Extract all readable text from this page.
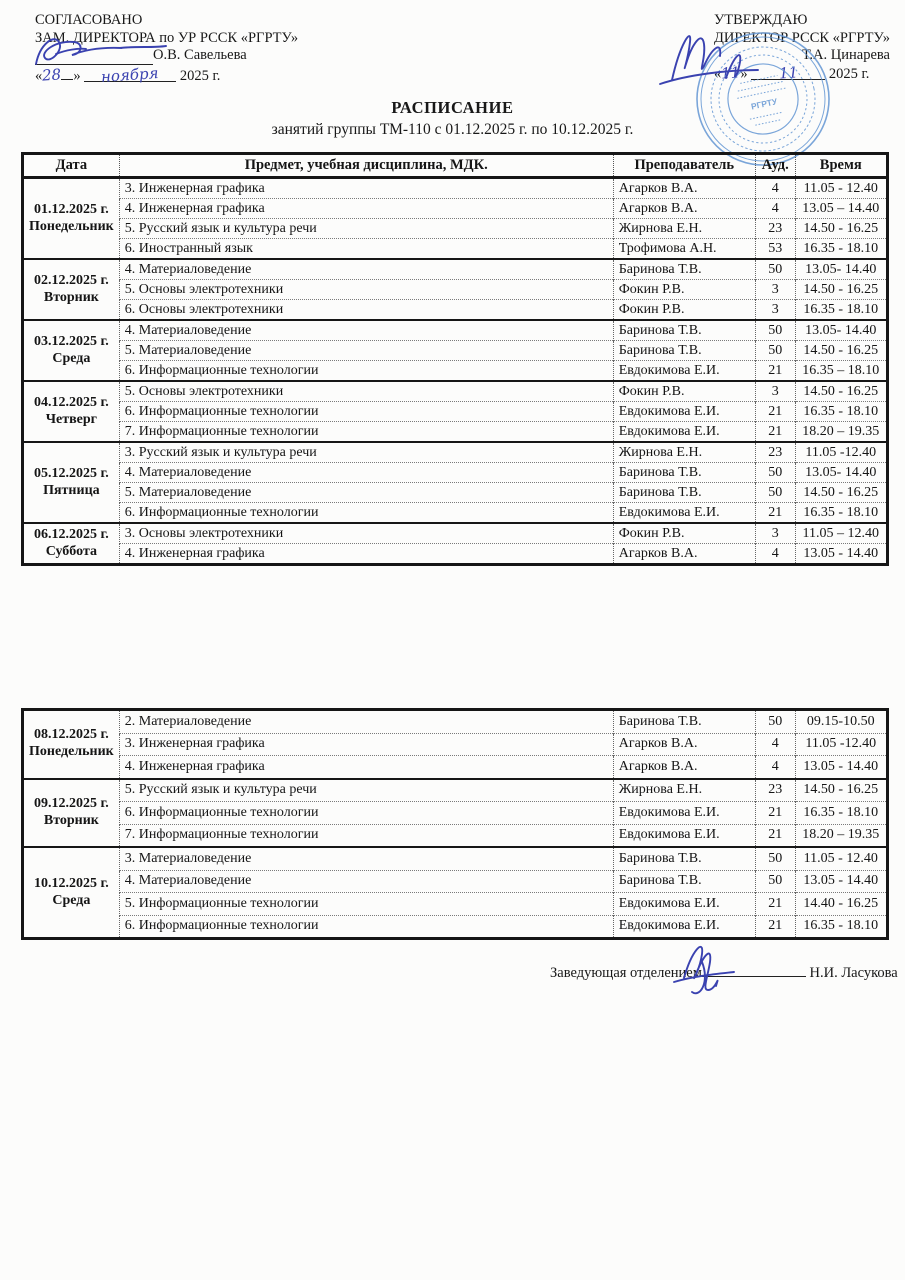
СОГЛАСОВАНО
ЗАМ. ДИРЕКТОРА по УР РССК «РГРТУ»
О.В. Савельева
«28 » ноября 2025 г.
УТВЕРЖДАЮ
ДИРЕКТОР РССК «РГРТУ»
Т.А. Цинарева
«11» 11 2025 г.
РГРТУ
РАСПИСАНИЕ
занятий группы ТМ-110 с 01.12.2025 г. по 10.12.2025 г.
Дата	Предмет, учебная дисциплина, МДК.	Преподаватель	Ауд.	Время

01.12.2025 г.
Понедельник	3. Инженерная графика	Агарков В.А.	4	11.05 - 12.40
	4. Инженерная графика	Агарков В.А.	4	13.05 – 14.40
	5. Русский язык и культура речи	Жирнова Е.Н.	23	14.50 - 16.25
	6. Иностранный язык	Трофимова А.Н.	53	16.35 - 18.10

02.12.2025 г.
Вторник	4. Материаловедение	Баринова Т.В.	50	13.05- 14.40
	5. Основы электротехники	Фокин Р.В.	3	14.50 - 16.25
	6. Основы электротехники	Фокин Р.В.	3	16.35 - 18.10

03.12.2025 г.
Среда	4. Материаловедение	Баринова Т.В.	50	13.05- 14.40
	5. Материаловедение	Баринова Т.В.	50	14.50 - 16.25
	6. Информационные технологии	Евдокимова Е.И.	21	16.35 – 18.10

04.12.2025 г.
Четверг	5. Основы электротехники	Фокин Р.В.	3	14.50 - 16.25
	6. Информационные технологии	Евдокимова Е.И.	21	16.35 - 18.10
	7. Информационные технологии	Евдокимова Е.И.	21	18.20 – 19.35

05.12.2025 г.
Пятница	3. Русский язык и культура речи	Жирнова Е.Н.	23	11.05 -12.40
	4. Материаловедение	Баринова Т.В.	50	13.05- 14.40
	5. Материаловедение	Баринова Т.В.	50	14.50 - 16.25
	6. Информационные технологии	Евдокимова Е.И.	21	16.35 - 18.10

06.12.2025 г.
Суббота	3. Основы электротехники	Фокин Р.В.	3	11.05 – 12.40
	4. Инженерная графика	Агарков В.А.	4	13.05 - 14.40
08.12.2025 г.
Понедельник	2. Материаловедение	Баринова Т.В.	50	09.15-10.50
	3. Инженерная графика	Агарков В.А.	4	11.05 -12.40
	4. Инженерная графика	Агарков В.А.	4	13.05 - 14.40

09.12.2025 г.
Вторник	5. Русский язык и культура речи	Жирнова Е.Н.	23	14.50 - 16.25
	6. Информационные технологии	Евдокимова Е.И.	21	16.35 - 18.10
	7. Информационные технологии	Евдокимова Е.И.	21	18.20 – 19.35

10.12.2025 г.
Среда	3. Материаловедение	Баринова Т.В.	50	11.05 - 12.40
	4. Материаловедение	Баринова Т.В.	50	13.05 - 14.40
	5. Информационные технологии	Евдокимова Е.И.	21	14.40 - 16.25
	6. Информационные технологии	Евдокимова Е.И.	21	16.35 - 18.10
Заведующая отделением	Н.И. Ласукова
